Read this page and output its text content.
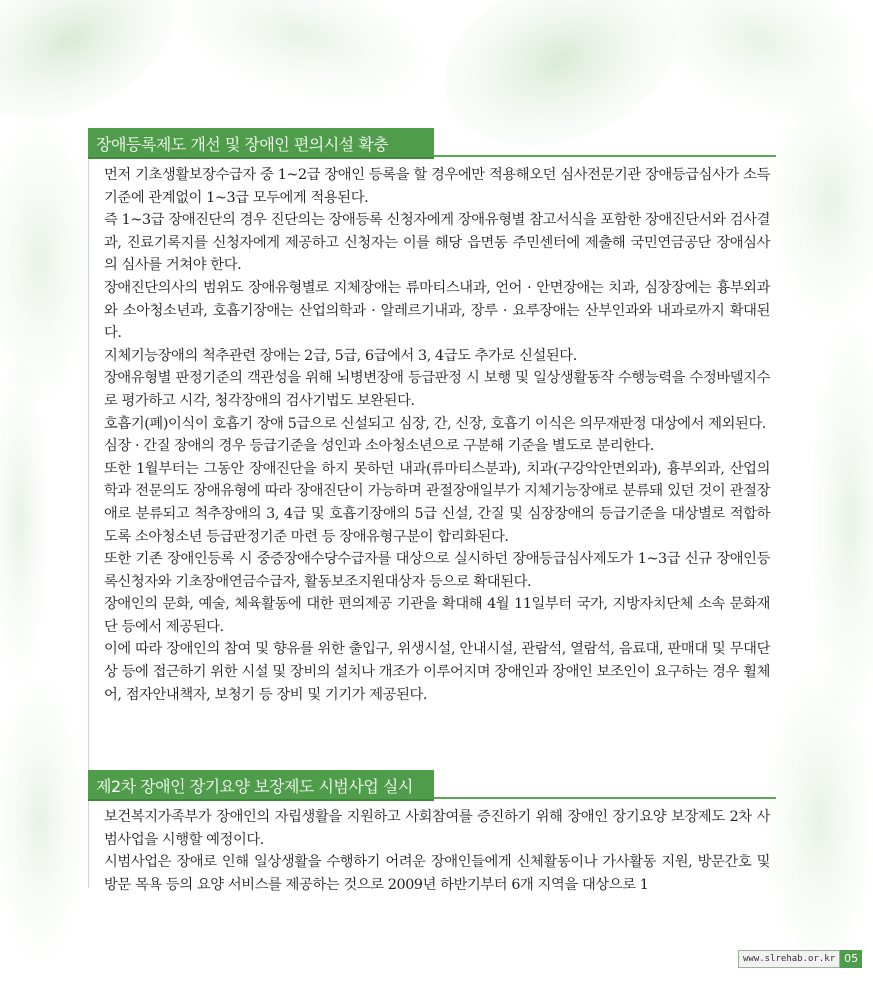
장애등록제도 개선 및 장애인 편의시설 확충

먼저 기초생활보장수급자 중 1~2급 장애인 등록을 할 경우에만 적용해오던 심사전문기관 장애등급심사가 소득기준에 관계없이 1~3급 모두에게 적용된다.

즉 1~3급 장애진단의 경우 진단의는 장애등록 신청자에게 장애유형별 참고서식을 포함한 장애진단서와 검사결과, 진료기록지를 신청자에게 제공하고 신청자는 이를 해당 읍면동 주민센터에 제출해 국민연금공단 장애심사의 심사를 거쳐야 한다.

장애진단의사의 범위도 장애유형별로 지체장애는 류마티스내과, 언어 · 안면장애는 치과, 심장장에는 흉부외과와 소아청소년과, 호흡기장애는 산업의학과 · 알레르기내과, 장루 · 요루장애는 산부인과와 내과로까지 확대된다.

지체기능장애의 척추관련 장애는 2급, 5급, 6급에서 3, 4급도 추가로 신설된다.

장애유형별 판정기준의 객관성을 위해 뇌병변장애 등급판정 시 보행 및 일상생활동작 수행능력을 수정바델지수로 평가하고 시각, 청각장애의 검사기법도 보완된다.

호흡기(폐)이식이 호흡기 장애 5급으로 신설되고 심장, 간, 신장, 호흡기 이식은 의무재판정 대상에서 제외된다.

심장 · 간질 장애의 경우 등급기준을 성인과 소아청소년으로 구분해 기준을 별도로 분리한다.

또한 1월부터는 그동안 장애진단을 하지 못하던 내과(류마티스분과), 치과(구강악안면외과), 흉부외과, 산업의학과 전문의도 장애유형에 따라 장애진단이 가능하며 관절장애일부가 지체기능장애로 분류돼 있던 것이 관절장애로 분류되고 척추장애의 3, 4급 및 호흡기장애의 5급 신설, 간질 및 심장장애의 등급기준을 대상별로 적합하도록 소아청소년 등급판정기준 마련 등 장애유형구분이 합리화된다.

또한 기존 장애인등록 시 중증장애수당수급자를 대상으로 실시하던 장애등급심사제도가 1~3급 신규 장애인등록신청자와 기초장애연금수급자, 활동보조지원대상자 등으로 확대된다.

장애인의 문화, 예술, 체육활동에 대한 편의제공 기관을 확대해 4월 11일부터 국가, 지방자치단체 소속 문화재단 등에서 제공된다.

이에 따라 장애인의 참여 및 향유를 위한 출입구, 위생시설, 안내시설, 관람석, 열람석, 음료대, 판매대 및 무대단상 등에 접근하기 위한 시설 및 장비의 설치나 개조가 이루어지며 장애인과 장애인 보조인이 요구하는 경우 휠체어, 점자안내책자, 보청기 등 장비 및 기기가 제공된다.

제2차 장애인 장기요양 보장제도 시범사업 실시

보건복지가족부가 장애인의 자립생활을 지원하고 사회참여를 증진하기 위해 장애인 장기요양 보장제도 2차 사범사업을 시행할 예정이다.

시범사업은 장애로 인해 일상생활을 수행하기 어려운 장애인들에게 신체활동이나 가사활동 지원, 방문간호 및 방문 목욕 등의 요양 서비스를 제공하는 것으로 2009년 하반기부터 6개 지역을 대상으로 1

www.slrehab.or.kr 05
